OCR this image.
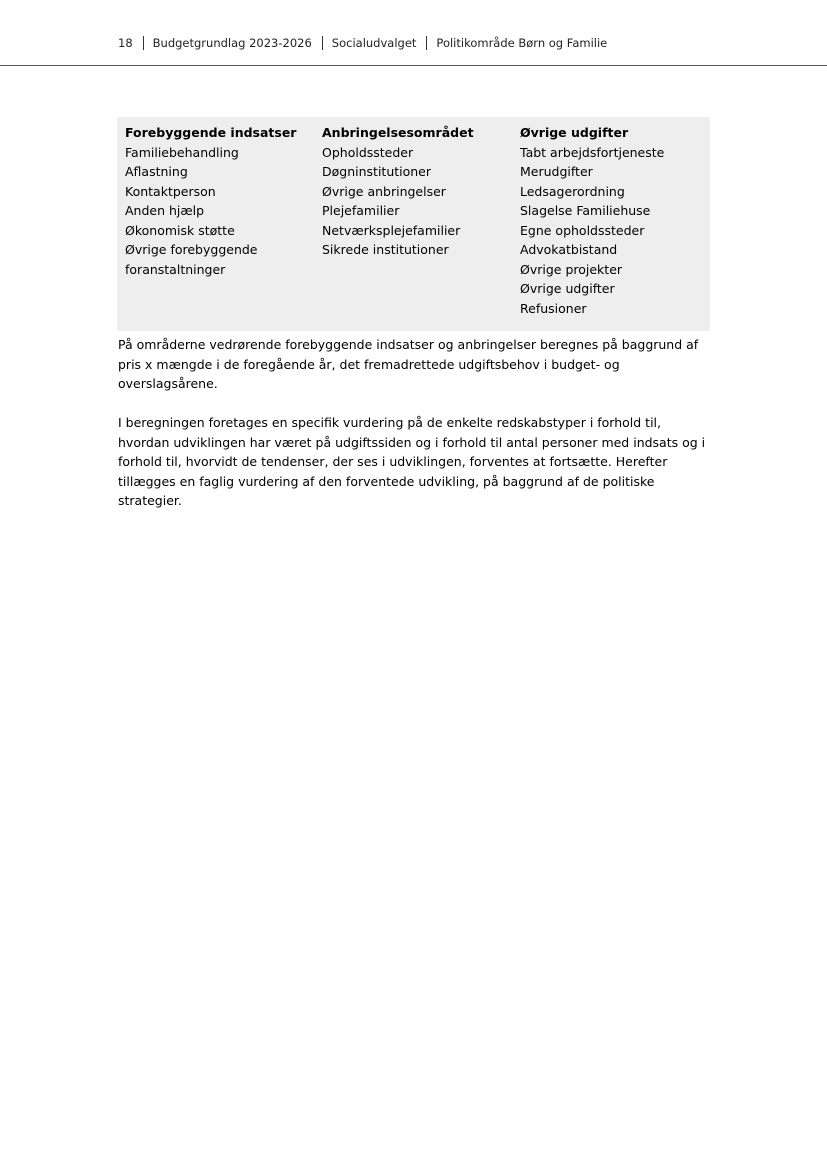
18 Budgetgrundlag 2023-2026 Socialudvalget Politikområde Børn og Familie
Forebyggende indsatser
Familiebehandling
Aflastning
Kontaktperson
Anden hjælp
Økonomisk støtte
Øvrige forebyggende
foranstaltninger
Anbringelsesområdet
Opholdssteder
Døgninstitutioner
Øvrige anbringelser
Plejefamilier
Netværksplejefamilier
Sikrede institutioner
Øvrige udgifter
Tabt arbejdsfortjeneste
Merudgifter
Ledsagerordning
Slagelse Familiehuse
Egne opholdssteder
Advokatbistand
Øvrige projekter
Øvrige udgifter
Refusioner

På områderne vedrørende forebyggende indsatser og anbringelser beregnes på baggrund af pris x mængde i de foregående år, det fremadrettede udgiftsbehov i budget- og overslagsårene.

I beregningen foretages en specifik vurdering på de enkelte redskabstyper i forhold til, hvordan udviklingen har været på udgiftssiden og i forhold til antal personer med indsats og i forhold til, hvorvidt de tendenser, der ses i udviklingen, forventes at fortsætte. Herefter tillægges en faglig vurdering af den forventede udvikling, på baggrund af de politiske strategier.
